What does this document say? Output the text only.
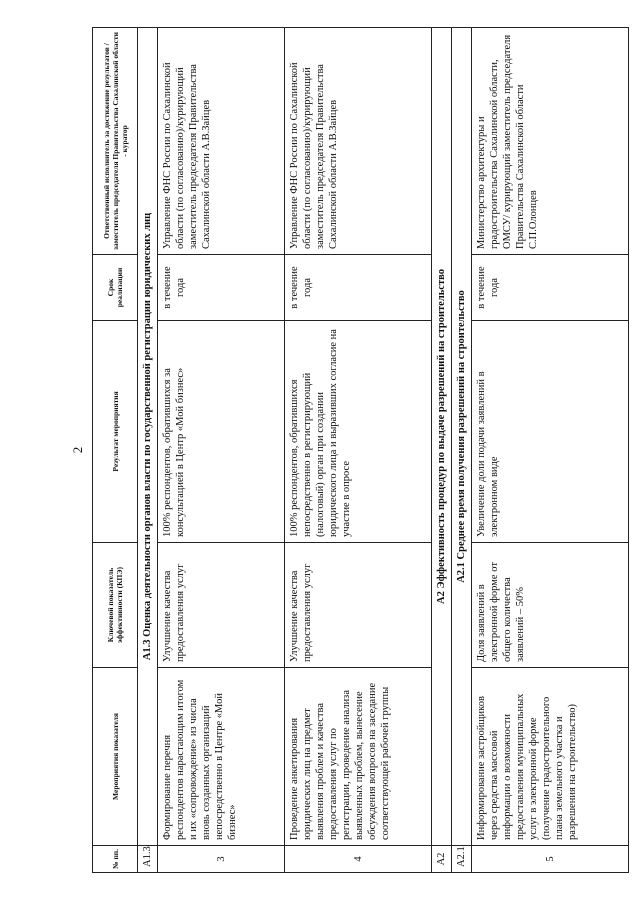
2
№ пп.	Мероприятия показателя	Ключевой показатель эффективности (КПЭ)	Результат мероприятия	Срок реализации	Ответственный исполнитель за достижение результатов / заместитель председателя Правительства Сахалинской области - куратор
А1.3	А1.3 Оценка деятельности органов власти по государственной регистрации юридических лиц				
3	Формирование перечня респондентов нарастающим итогом и их «сопровождение» из числа вновь созданных организаций непосредственно в Центре «Мой бизнес»	Улучшение качества предоставления услуг	100% респондентов, обратившихся за консультацией в Центр «Мой бизнес»	в течение года	Управление ФНС России по Сахалинской области (по согласованию)/курирующий заместитель председателя Правительства Сахалинской области А.В.Зайцев
4	Проведение анкетирования юридических лиц на предмет выявления проблем и качества предоставления услуг по регистрации, проведение анализа выявленных проблем, вынесение обсуждения вопросов на заседание соответствующей рабочей группы	Улучшение качества предоставления услуг	100% респондентов, обратившихся непосредственно в регистрирующий (налоговый) орган при создании юридического лица и выразивших согласие на участие в опросе	в течение года	Управление ФНС России по Сахалинской области (по согласованию)/курирующий заместитель председателя Правительства Сахалинской области А.В.Зайцев
А2	А2 Эффективность процедур по выдаче разрешений на строительство				
А2.1	А2.1 Среднее время получения разрешений на строительство				
5	Информирование застройщиков через средства массовой информации о возможности предоставления муниципальных услуг в электронной форме (получение градостроительного плана земельного участка и разрешения на строительство)	Доля заявлений в электронной форме от общего количества заявлений – 50%	Увеличение доли подачи заявлений в электронном виде	в течение года	Министерство архитектуры и градостроительства Сахалинской области, ОМСУ/ курирующий заместитель председателя Правительства Сахалинской области С.П.Олонцев
